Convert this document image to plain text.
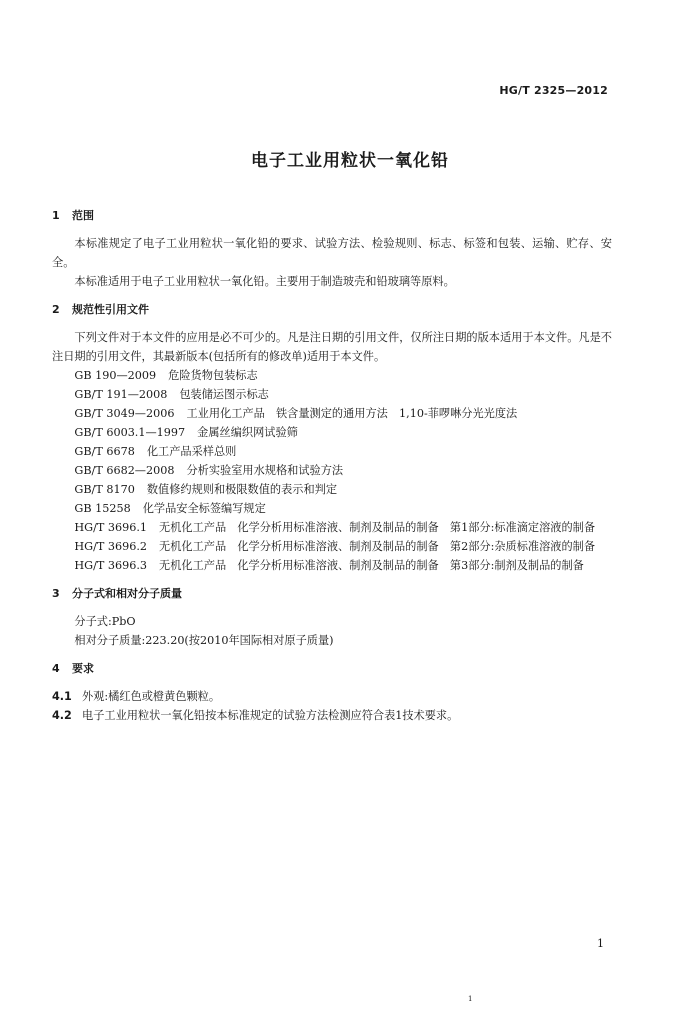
HG/T 2325—2012
电子工业用粒状一氧化铅
1 范围

本标准规定了电子工业用粒状一氧化铅的要求、试验方法、检验规则、标志、标签和包装、运输、贮存、安全。

本标准适用于电子工业用粒状一氧化铅。主要用于制造玻壳和铅玻璃等原料。

2 规范性引用文件

下列文件对于本文件的应用是必不可少的。凡是注日期的引用文件，仅所注日期的版本适用于本文件。凡是不注日期的引用文件，其最新版本(包括所有的修改单)适用于本文件。

GB 190—2009 危险货物包装标志

GB/T 191—2008 包装储运图示标志

GB/T 3049—2006 工业用化工产品　铁含量测定的通用方法　1,10-菲啰啉分光光度法

GB/T 6003.1—1997 金属丝编织网试验筛

GB/T 6678 化工产品采样总则

GB/T 6682—2008 分析实验室用水规格和试验方法

GB/T 8170 数值修约规则和极限数值的表示和判定

GB 15258 化学品安全标签编写规定

HG/T 3696.1 无机化工产品　化学分析用标准溶液、制剂及制品的制备　第1部分:标准滴定溶液的制备

HG/T 3696.2 无机化工产品　化学分析用标准溶液、制剂及制品的制备　第2部分:杂质标准溶液的制备

HG/T 3696.3 无机化工产品　化学分析用标准溶液、制剂及制品的制备　第3部分:制剂及制品的制备

3 分子式和相对分子质量

分子式:PbO

相对分子质量:223.20(按2010年国际相对原子质量)

4 要求

4.1 外观:橘红色或橙黄色颗粒。

4.2 电子工业用粒状一氧化铅按本标准规定的试验方法检测应符合表1技术要求。

1
1
